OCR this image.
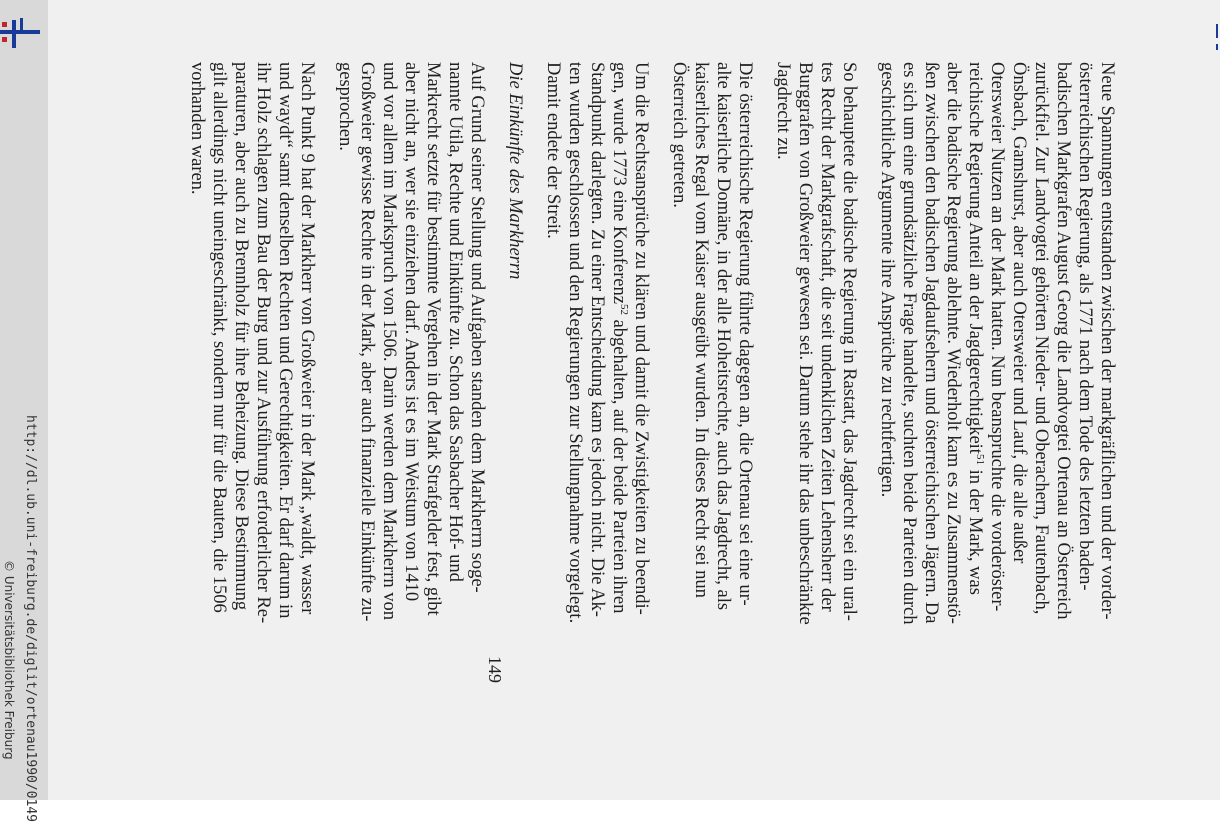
http://dl.ub.uni-freiburg.de/diglit/ortenau1990/0149
© Universitätsbibliothek Freiburg
Neue Spannungen entstanden zwischen der markgräflichen und der vorder-
österreichischen Regierung, als 1771 nach dem Tode des letzten baden-
badischen Markgrafen August Georg die Landvogtei Ortenau an Österreich
zurückfiel. Zur Landvogtei gehörten Nieder- und Oberachern, Fautenbach,
Önsbach, Gamshurst, aber auch Otersweier und Lauf, die alle außer
Otersweier Nutzen an der Mark hatten. Nun beanspruchte die vorderöster-
reichische Regierung Anteil an der Jagdgerechtigkeit$^{51}$ in der Mark, was
aber die badische Regierung ablehnte. Wiederholt kam es zu Zusammenstö-
ßen zwischen den badischen Jagdaufsehern und österreichischen Jägern. Da
es sich um eine grundsätzliche Frage handelte, suchten beide Parteien durch
geschichtliche Argumente ihre Ansprüche zu rechtfertigen.
So behauptete die badische Regierung in Rastatt, das Jagdrecht sei ein ural-
tes Recht der Markgrafschaft, die seit undenklichen Zeiten Lehensherr der
Burggrafen von Großweier gewesen sei. Darum stehe ihr das unbeschränkte
Jagdrecht zu.
Die österreichische Regierung führte dagegen an, die Ortenau sei eine ur-
alte kaiserliche Domäne, in der alle Hoheitsrechte, auch das Jagdrecht, als
kaiserliches Regal vom Kaiser ausgeübt wurden. In dieses Recht sei nun
Österreich getreten.
Um die Rechtsansprüche zu klären und damit die Zwistigkeiten zu beendi-
gen, wurde 1773 eine Konferenz$^{52}$ abgehalten, auf der beide Parteien ihren
Standpunkt darlegten. Zu einer Entscheidung kam es jedoch nicht. Die Ak-
ten wurden geschlossen und den Regierungen zur Stellungnahme vorgelegt.
Damit endete der Streit.

Die Einkünfte des Markherrn

Auf Grund seiner Stellung und Aufgaben standen dem Markherrn soge-
nannte Utila, Rechte und Einkünfte zu. Schon das Sasbacher Hof- und
Markrecht setzte für bestimmte Vergehen in der Mark Strafgelder fest, gibt
aber nicht an, wer sie einziehen darf. Anders ist es im Weistum von 1410
und vor allem im Markspruch von 1506. Darin werden dem Markherrn von
Großweier gewisse Rechte in der Mark, aber auch finanzielle Einkünfte zu-
gesprochen.
Nach Punkt 9 hat der Markherr von Großweier in der Mark „waldt, wasser
und waydt“ samt denselben Rechten und Gerechtigkeiten. Er darf darum in
ihr Holz schlagen zum Bau der Burg und zur Ausführung erforderlicher Re-
paraturen, aber auch zu Brennholz für ihre Beheizung. Diese Bestimmung
gilt allerdings nicht uneingeschränkt, sondern nur für die Bauten, die 1506
vorhanden waren.
149
